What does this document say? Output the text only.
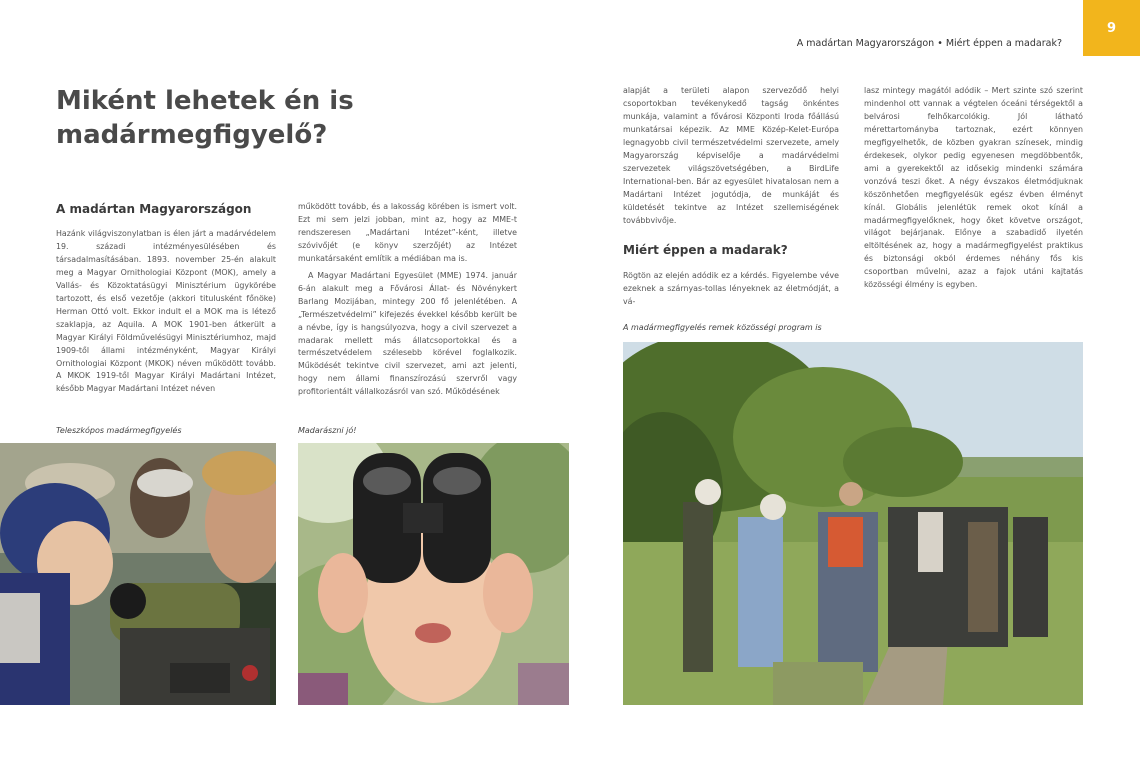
A madártan Magyarországon • Miért éppen a madarak?
9
Miként lehetek én is madármegfigyelő?
A madártan Magyarországon

Hazánk világviszonylatban is élen járt a madárvédelem 19. századi intézményesülésében és társadalmasításában. 1893. november 25-én alakult meg a Magyar Ornithologiai Központ (MOK), amely a Vallás- és Közoktatásügyi Minisztérium ügykörébe tartozott, és első vezetője (akkori titulusként főnöke) Herman Ottó volt. Ekkor indult el a MOK ma is létező szaklapja, az Aquila. A MOK 1901-ben átkerült a Magyar Királyi Földművelésügyi Minisztériumhoz, majd 1909-től állami intézményként, Magyar Királyi Ornithologiai Központ (MKOK) néven működött tovább. A MKOK 1919-től Magyar Királyi Madártani Intézet, később Magyar Madártani Intézet néven

működött tovább, és a lakosság körében is ismert volt. Ezt mi sem jelzi jobban, mint az, hogy az MME-t rendszeresen „Madártani Intézet”-ként, illetve szóvivőjét (e könyv szerzőjét) az Intézet munkatársaként említik a médiában ma is.

A Magyar Madártani Egyesület (MME) 1974. január 6-án alakult meg a Fővárosi Állat- és Növénykert Barlang Mozijában, mintegy 200 fő jelenlétében. A „Természetvédelmi” kifejezés évekkel később került be a névbe, így is hangsúlyozva, hogy a civil szervezet a madarak mellett más állatcsoportokkal és a természetvédelem szélesebb körével foglalkozik. Működését tekintve civil szervezet, ami azt jelenti, hogy nem állami finanszírozású szervről vagy profitorientált vállalkozásról van szó. Működésének

alapját a területi alapon szerveződő helyi csoportokban tevékenykedő tagság önkéntes munkája, valamint a fővárosi Központi Iroda főállású munkatársai képezik. Az MME Közép-Kelet-Európa legnagyobb civil természetvédelmi szervezete, amely Magyarország képviselője a madárvédelmi szervezetek világszövetségében, a BirdLife International-ben. Bár az egyesület hivatalosan nem a Madártani Intézet jogutódja, de munkáját és küldetését tekintve az Intézet szellemiségének továbbvivője.

Miért éppen a madarak?

Rögtön az elején adódik ez a kérdés. Figyelembe véve ezeknek a szárnyas-tollas lényeknek az életmódját, a vá-

lasz mintegy magától adódik – Mert szinte szó szerint mindenhol ott vannak a végtelen óceáni térségektől a belvárosi felhőkarcolókig. Jól látható mérettartományba tartoznak, ezért könnyen megfigyelhetők, de közben gyakran színesek, mindig érdekesek, olykor pedig egyenesen megdöbbentők, ami a gyerekektől az idősekig mindenki számára vonzóvá teszi őket. A négy évszakos életmódjuknak köszönhetően megfigyelésük egész évben élményt kínál. Globális jelenlétük remek okot kínál a madármegfigyelőknek, hogy őket követve országot, világot bejárjanak. Előnye a szabadidő ilyetén eltöltésének az, hogy a madármegfigyelést praktikus és biztonsági okból érdemes néhány fős kis csoportban művelni, azaz a fajok utáni kajtatás közösségi élmény is egyben.

Teleszkópos madármegfigyelés	Madarászni jó!
A madármegfigyelés remek közösségi program is
